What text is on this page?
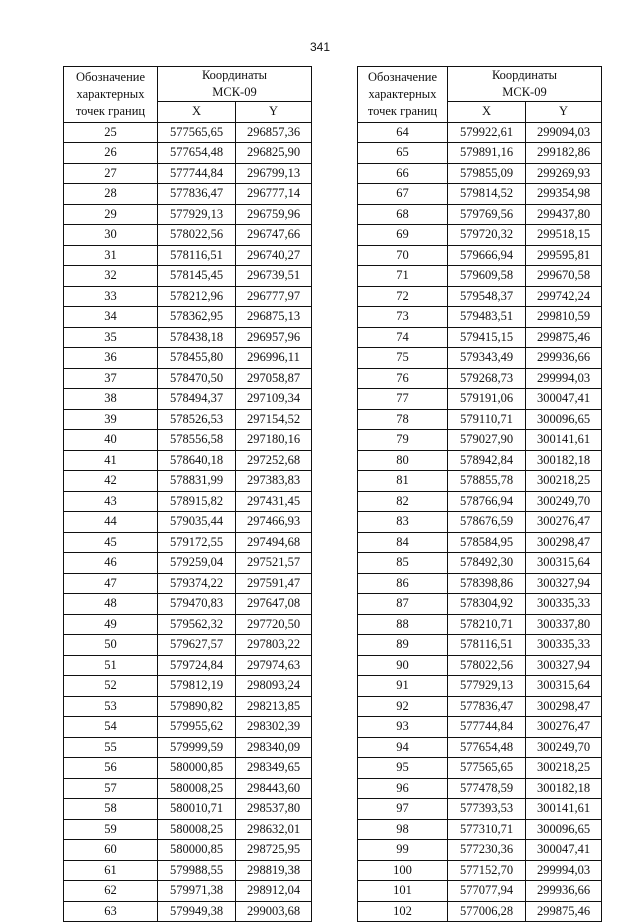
341
Обозначение
характерных
точек границ	Координаты
МСК-09	

	X	Y
25	577565,65	296857,36
26	577654,48	296825,90
27	577744,84	296799,13
28	577836,47	296777,14
29	577929,13	296759,96
30	578022,56	296747,66
31	578116,51	296740,27
32	578145,45	296739,51
33	578212,96	296777,97
34	578362,95	296875,13
35	578438,18	296957,96
36	578455,80	296996,11
37	578470,50	297058,87
38	578494,37	297109,34
39	578526,53	297154,52
40	578556,58	297180,16
41	578640,18	297252,68
42	578831,99	297383,83
43	578915,82	297431,45
44	579035,44	297466,93
45	579172,55	297494,68
46	579259,04	297521,57
47	579374,22	297591,47
48	579470,83	297647,08
49	579562,32	297720,50
50	579627,57	297803,22
51	579724,84	297974,63
52	579812,19	298093,24
53	579890,82	298213,85
54	579955,62	298302,39
55	579999,59	298340,09
56	580000,85	298349,65
57	580008,25	298443,60
58	580010,71	298537,80
59	580008,25	298632,01
60	580000,85	298725,95
61	579988,55	298819,38
62	579971,38	298912,04
63	579949,38	299003,68
Обозначение
характерных
точек границ	Координаты
МСК-09	

	X	Y
64	579922,61	299094,03
65	579891,16	299182,86
66	579855,09	299269,93
67	579814,52	299354,98
68	579769,56	299437,80
69	579720,32	299518,15
70	579666,94	299595,81
71	579609,58	299670,58
72	579548,37	299742,24
73	579483,51	299810,59
74	579415,15	299875,46
75	579343,49	299936,66
76	579268,73	299994,03
77	579191,06	300047,41
78	579110,71	300096,65
79	579027,90	300141,61
80	578942,84	300182,18
81	578855,78	300218,25
82	578766,94	300249,70
83	578676,59	300276,47
84	578584,95	300298,47
85	578492,30	300315,64
86	578398,86	300327,94
87	578304,92	300335,33
88	578210,71	300337,80
89	578116,51	300335,33
90	578022,56	300327,94
91	577929,13	300315,64
92	577836,47	300298,47
93	577744,84	300276,47
94	577654,48	300249,70
95	577565,65	300218,25
96	577478,59	300182,18
97	577393,53	300141,61
98	577310,71	300096,65
99	577230,36	300047,41
100	577152,70	299994,03
101	577077,94	299936,66
102	577006,28	299875,46
